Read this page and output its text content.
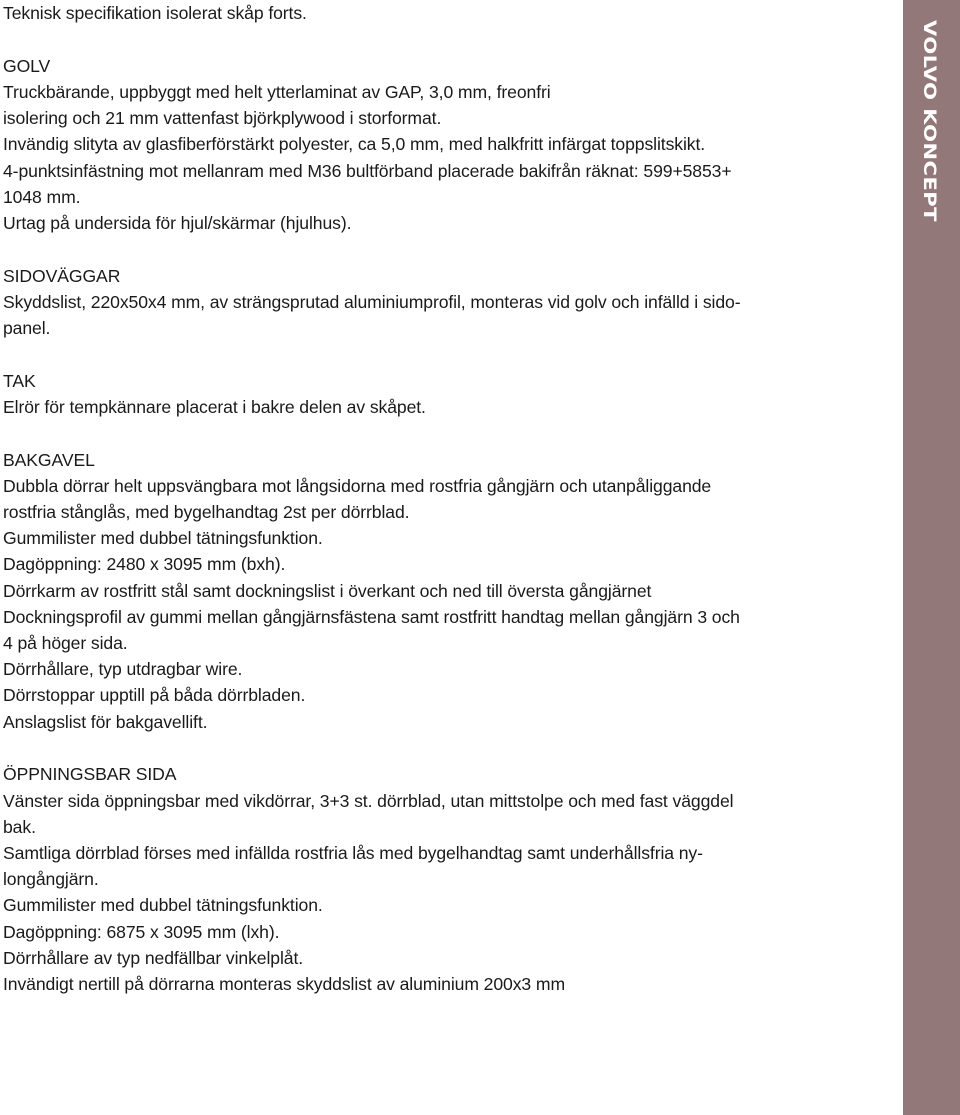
Teknisk specifikation isolerat skåp forts.

GOLV

Truckbärande, uppbyggt med helt ytterlaminat av GAP, 3,0 mm, freonfri

isolering och 21 mm vattenfast björkplywood i storformat.

Invändig slityta av glasfiberförstärkt polyester, ca 5,0 mm, med halkfritt infärgat toppslitskikt.

4-punktsinfästning mot mellanram med M36 bultförband placerade bakifrån räknat: 599+5853+

1048 mm.

Urtag på undersida för hjul/skärmar (hjulhus).

SIDOVÄGGAR

Skyddslist, 220x50x4 mm, av strängsprutad aluminiumprofil, monteras vid golv och infälld i sido-

panel.

TAK

Elrör för tempkännare placerat i bakre delen av skåpet.

BAKGAVEL

Dubbla dörrar helt uppsvängbara mot långsidorna med rostfria gångjärn och utanpåliggande

rostfria stånglås, med bygelhandtag 2st per dörrblad.

Gummilister med dubbel tätningsfunktion.

Dagöppning: 2480 x 3095 mm (bxh).

Dörrkarm av rostfritt stål samt dockningslist i överkant och ned till översta gångjärnet

Dockningsprofil av gummi mellan gångjärnsfästena samt rostfritt handtag mellan gångjärn 3 och

4 på höger sida.

Dörrhållare, typ utdragbar wire.

Dörrstoppar upptill på båda dörrbladen.

Anslagslist för bakgavellift.

ÖPPNINGSBAR SIDA

Vänster sida öppningsbar med vikdörrar, 3+3 st. dörrblad, utan mittstolpe och med fast väggdel

bak.

Samtliga dörrblad förses med infällda rostfria lås med bygelhandtag samt underhållsfria ny-

longångjärn.

Gummilister med dubbel tätningsfunktion.

Dagöppning: 6875 x 3095 mm (lxh).

Dörrhållare av typ nedfällbar vinkelplåt.

Invändigt nertill på dörrarna monteras skyddslist av aluminium 200x3 mm

VOLVO KONCEPT
